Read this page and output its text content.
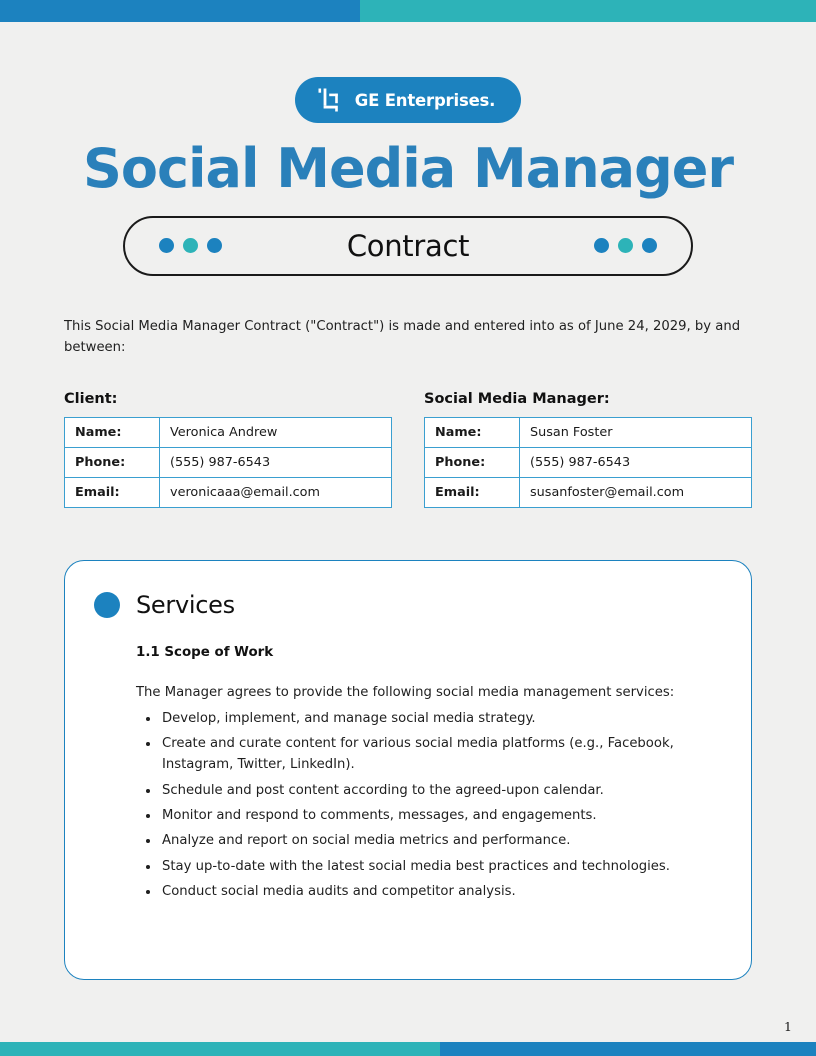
GE Enterprises.
Social Media Manager
Contract

This Social Media Manager Contract ("Contract") is made and entered into as of June 24, 2029, by and between:

Client:
Name:	Veronica Andrew
Phone:	(555) 987-6543
Email:	veronicaaa@email.com
Social Media Manager:
Name:	Susan Foster
Phone:	(555) 987-6543
Email:	susanfoster@email.com
Services
1.1 Scope of Work
The Manager agrees to provide the following social media management services:
• Develop, implement, and manage social media strategy.
• Create and curate content for various social media platforms (e.g., Facebook, Instagram, Twitter, LinkedIn).
• Schedule and post content according to the agreed-upon calendar.
• Monitor and respond to comments, messages, and engagements.
• Analyze and report on social media metrics and performance.
• Stay up-to-date with the latest social media best practices and technologies.
• Conduct social media audits and competitor analysis.
1
